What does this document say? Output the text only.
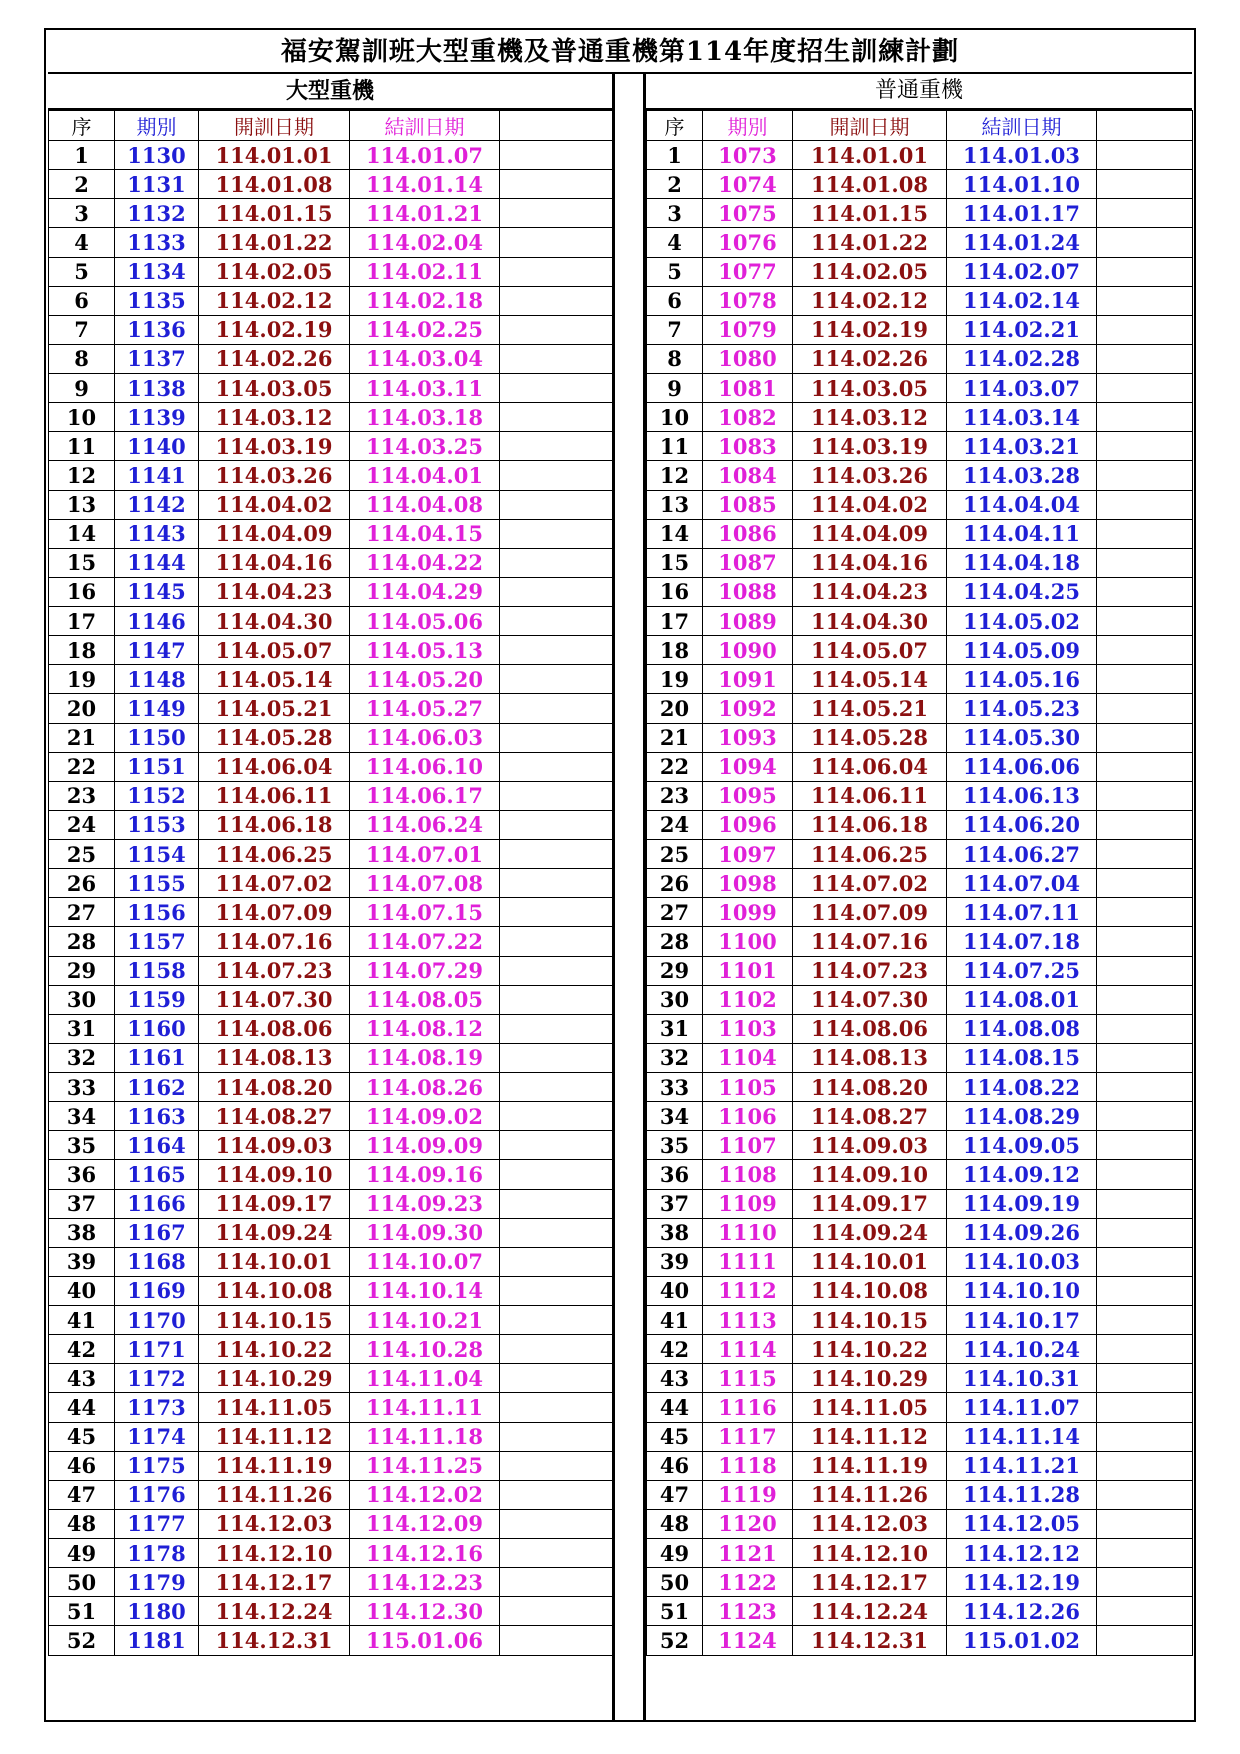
福安駕訓班大型重機及普通重機第114年度招生訓練計劃
大型重機	普通重機
序	期別	開訓日期	結訓日期	
1	1130	114.01.01	114.01.07	
2	1131	114.01.08	114.01.14	
3	1132	114.01.15	114.01.21	
4	1133	114.01.22	114.02.04	
5	1134	114.02.05	114.02.11	
6	1135	114.02.12	114.02.18	
7	1136	114.02.19	114.02.25	
8	1137	114.02.26	114.03.04	
9	1138	114.03.05	114.03.11	
10	1139	114.03.12	114.03.18	
11	1140	114.03.19	114.03.25	
12	1141	114.03.26	114.04.01	
13	1142	114.04.02	114.04.08	
14	1143	114.04.09	114.04.15	
15	1144	114.04.16	114.04.22	
16	1145	114.04.23	114.04.29	
17	1146	114.04.30	114.05.06	
18	1147	114.05.07	114.05.13	
19	1148	114.05.14	114.05.20	
20	1149	114.05.21	114.05.27	
21	1150	114.05.28	114.06.03	
22	1151	114.06.04	114.06.10	
23	1152	114.06.11	114.06.17	
24	1153	114.06.18	114.06.24	
25	1154	114.06.25	114.07.01	
26	1155	114.07.02	114.07.08	
27	1156	114.07.09	114.07.15	
28	1157	114.07.16	114.07.22	
29	1158	114.07.23	114.07.29	
30	1159	114.07.30	114.08.05	
31	1160	114.08.06	114.08.12	
32	1161	114.08.13	114.08.19	
33	1162	114.08.20	114.08.26	
34	1163	114.08.27	114.09.02	
35	1164	114.09.03	114.09.09	
36	1165	114.09.10	114.09.16	
37	1166	114.09.17	114.09.23	
38	1167	114.09.24	114.09.30	
39	1168	114.10.01	114.10.07	
40	1169	114.10.08	114.10.14	
41	1170	114.10.15	114.10.21	
42	1171	114.10.22	114.10.28	
43	1172	114.10.29	114.11.04	
44	1173	114.11.05	114.11.11	
45	1174	114.11.12	114.11.18	
46	1175	114.11.19	114.11.25	
47	1176	114.11.26	114.12.02	
48	1177	114.12.03	114.12.09	
49	1178	114.12.10	114.12.16	
50	1179	114.12.17	114.12.23	
51	1180	114.12.24	114.12.30	
52	1181	114.12.31	115.01.06	
序	期別	開訓日期	結訓日期	
1	1073	114.01.01	114.01.03	
2	1074	114.01.08	114.01.10	
3	1075	114.01.15	114.01.17	
4	1076	114.01.22	114.01.24	
5	1077	114.02.05	114.02.07	
6	1078	114.02.12	114.02.14	
7	1079	114.02.19	114.02.21	
8	1080	114.02.26	114.02.28	
9	1081	114.03.05	114.03.07	
10	1082	114.03.12	114.03.14	
11	1083	114.03.19	114.03.21	
12	1084	114.03.26	114.03.28	
13	1085	114.04.02	114.04.04	
14	1086	114.04.09	114.04.11	
15	1087	114.04.16	114.04.18	
16	1088	114.04.23	114.04.25	
17	1089	114.04.30	114.05.02	
18	1090	114.05.07	114.05.09	
19	1091	114.05.14	114.05.16	
20	1092	114.05.21	114.05.23	
21	1093	114.05.28	114.05.30	
22	1094	114.06.04	114.06.06	
23	1095	114.06.11	114.06.13	
24	1096	114.06.18	114.06.20	
25	1097	114.06.25	114.06.27	
26	1098	114.07.02	114.07.04	
27	1099	114.07.09	114.07.11	
28	1100	114.07.16	114.07.18	
29	1101	114.07.23	114.07.25	
30	1102	114.07.30	114.08.01	
31	1103	114.08.06	114.08.08	
32	1104	114.08.13	114.08.15	
33	1105	114.08.20	114.08.22	
34	1106	114.08.27	114.08.29	
35	1107	114.09.03	114.09.05	
36	1108	114.09.10	114.09.12	
37	1109	114.09.17	114.09.19	
38	1110	114.09.24	114.09.26	
39	1111	114.10.01	114.10.03	
40	1112	114.10.08	114.10.10	
41	1113	114.10.15	114.10.17	
42	1114	114.10.22	114.10.24	
43	1115	114.10.29	114.10.31	
44	1116	114.11.05	114.11.07	
45	1117	114.11.12	114.11.14	
46	1118	114.11.19	114.11.21	
47	1119	114.11.26	114.11.28	
48	1120	114.12.03	114.12.05	
49	1121	114.12.10	114.12.12	
50	1122	114.12.17	114.12.19	
51	1123	114.12.24	114.12.26	
52	1124	114.12.31	115.01.02	
